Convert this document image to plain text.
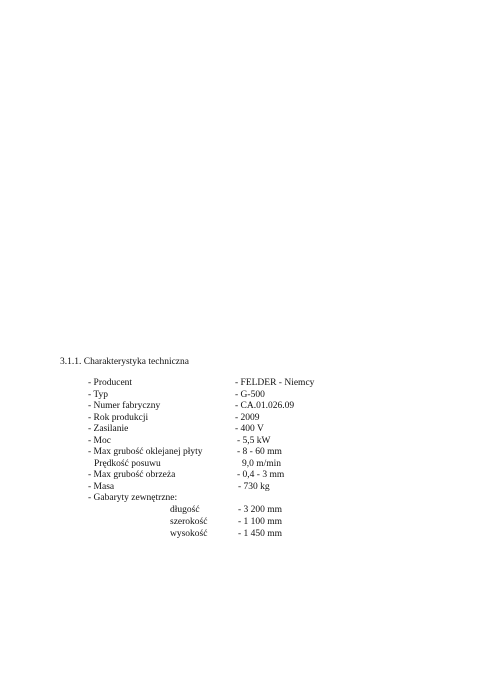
3.1.1. Charakterystyka techniczna
- Producent	- FELDER - Niemcy
- Typ	- G-500
- Numer fabryczny	- CA.01.026.09
- Rok produkcji	- 2009
- Zasilanie	- 400 V
- Moc	- 5,5 kW
- Max grubość oklejanej płyty	- 8 - 60 mm
Prędkość posuwu	9,0 m/min
- Max grubość obrzeża	- 0,4 - 3 mm
- Masa	- 730 kg
- Gabaryty zewnętrzne:
długość	- 3 200 mm
szerokość	- 1 100 mm
wysokość	- 1 450 mm
